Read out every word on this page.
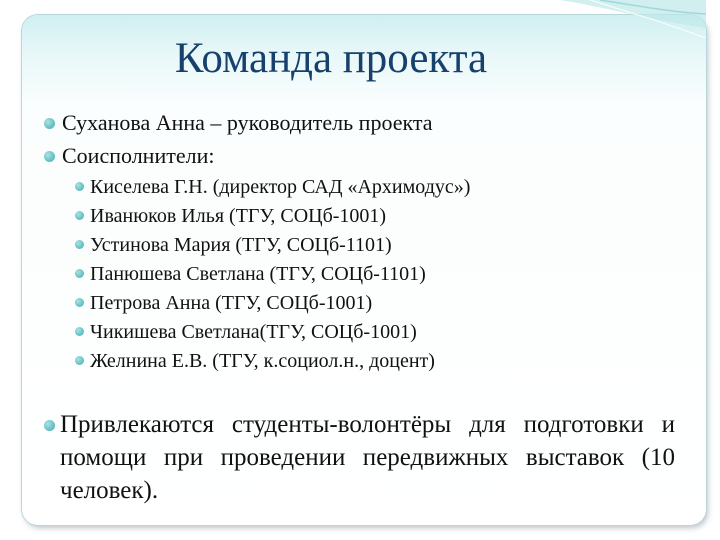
Команда проекта
Суханова Анна – руководитель проекта
Соисполнители:
Киселева Г.Н. (директор САД «Архимодус»)
Иванюков Илья (ТГУ, СОЦб-1001)
Устинова Мария (ТГУ, СОЦб-1101)
Панюшева Светлана (ТГУ, СОЦб-1101)
Петрова Анна (ТГУ, СОЦб-1001)
Чикишева Светлана(ТГУ, СОЦб-1001)
Желнина Е.В. (ТГУ, к.социол.н., доцент)
Привлекаются студенты-волонтёры для подготовки и помощи при проведении передвижных выставок (10 человек).
